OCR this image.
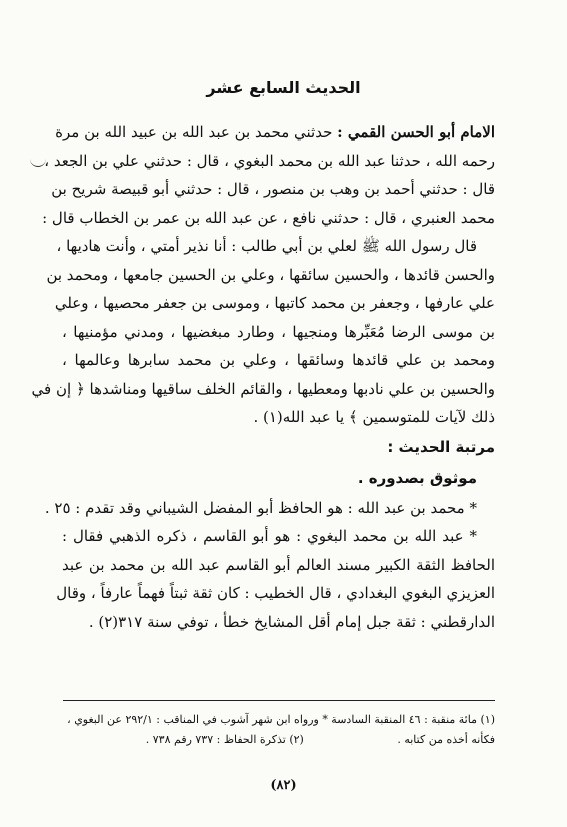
الحديث السابع عشر
الامام أبو الحسن القمي : حدثني محمد بن عبد الله بن عبيد الله بن مرة
رحمه الله ، حدثنا عبد الله بن محمد البغوي ، قال : حدثني علي بن الجعد ،
قال : حدثني أحمد بن وهب بن منصور ، قال : حدثني أبو قبيصة شريح بن
محمد العنبري ، قال : حدثني نافع ، عن عبد الله بن عمر بن الخطاب قال :
قال رسول الله ﷺ لعلي بن أبي طالب : أنا نذير أمتي ، وأنت هاديها ،
والحسن قائدها ، والحسين سائقها ، وعلي بن الحسين جامعها ، ومحمد بن
علي عارفها ، وجعفر بن محمد كاتبها ، وموسى بن جعفر محصيها ، وعلي
بن موسى الرضا مُعَبِّرها ومنجيها ، وطارد مبغضيها ، ومدني مؤمنيها ،
ومحمد بن علي قائدها وسائقها ، وعلي بن محمد سابرها وعالمها ،
والحسين بن علي نادبها ومعطيها ، والقائم الخلف ساقيها ومناشدها ﴿ إن في
ذلك لآيات للمتوسمين ﴾ يا عبد الله(١) .
مرتبة الحديث :
موثوق بصدوره .
* محمد بن عبد الله : هو الحافظ أبو المفضل الشيباني وقد تقدم : ٢٥ .
* عبد الله بن محمد البغوي : هو أبو القاسم ، ذكره الذهبي فقال :
الحافظ الثقة الكبير مسند العالم أبو القاسم عبد الله بن محمد بن عبد
العزيزي البغوي البغدادي ، قال الخطيب : كان ثقة ثبتاً فهماً عارفاً ، وقال
الدارقطني : ثقة جبل إمام أقل المشايخ خطأ ، توفي سنة ٣١٧(٢) .
(١) مائة منقبة : ٤٦ المنقبة السادسة * ورواه ابن شهر آشوب في المناقب : ٢٩٢/١ عن البغوي ،
فكأنه أخذه من كتابه . (٢) تذكرة الحفاظ : ٧٣٧ رقم ٧٣٨ .
(٨٢)
